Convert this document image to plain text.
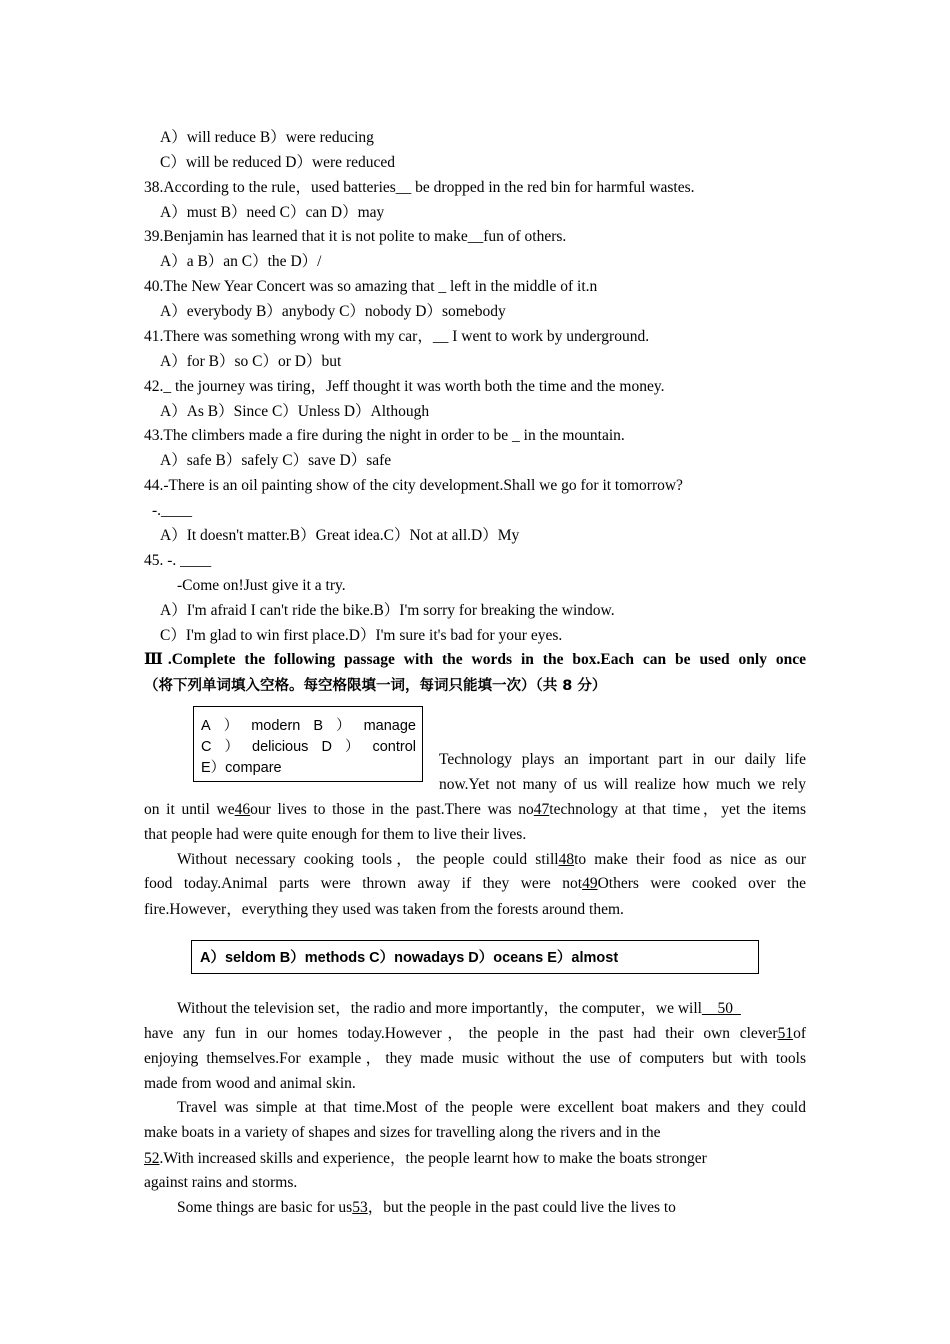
A）will reduce B）were reducing
C）will be reduced D）were reduced
38.According to the rule，used batteries__ be dropped in the red bin for harmful wastes.
A）must B）need C）can D）may
39.Benjamin has learned that it is not polite to make__fun of others.
A）a B）an C）the D）/
40.The New Year Concert was so amazing that _ left in the middle of it.n
A）everybody B）anybody C）nobody D）somebody
41.There was something wrong with my car，__ I went to work by underground.
A）for B）so C）or D）but
42._ the journey was tiring，Jeff thought it was worth both the time and the money.
A）As B）Since C）Unless D）Although
43.The climbers made a fire during the night in order to be _ in the mountain.
A）safe B）safely C）save D）safe
44.-There is an oil painting show of the city development.Shall we go for it tomorrow?
-.____
A）It doesn't matter.B）Great idea.C）Not at all.D）My
45. -. ____
-Come on!Just give it a try.
A）I'm afraid I can't ride the bike.B）I'm sorry for breaking the window.
C）I'm glad to win first place.D）I'm sure it's bad for your eyes.
Ⅲ.Complete the following passage with the words in the box.Each can be used only once
（将下列单词填入空格。每空格限填一词，每词只能填一次）（共 8 分）
A ） modern B ） manage
C ） delicious D ） control
E）compare	Technology plays an important part in our daily life
now.Yet not many of us will realize how much we rely
on it until we46our lives to those in the past.There was no47technology at that time，yet the items
that people had were quite enough for them to live their lives.
Without necessary cooking tools，the people could still48to make their food as nice as our
food today.Animal parts were thrown away if they were not49Others were cooked over the
fire.However，everything they used was taken from the forests around them.
A）seldom B）methods C）nowadays D）oceans E）almost
Without the television set，the radio and more importantly，the computer，we will__50_
have any fun in our homes today.However，the people in the past had their own clever51of
enjoying themselves.For example，they made music without the use of computers but with tools
made from wood and animal skin.
Travel was simple at that time.Most of the people were excellent boat makers and they could
make boats in a variety of shapes and sizes for travelling along the rivers and in the
52.With increased skills and experience，the people learnt how to make the boats stronger
against rains and storms.
Some things are basic for us53，but the people in the past could live the lives to
